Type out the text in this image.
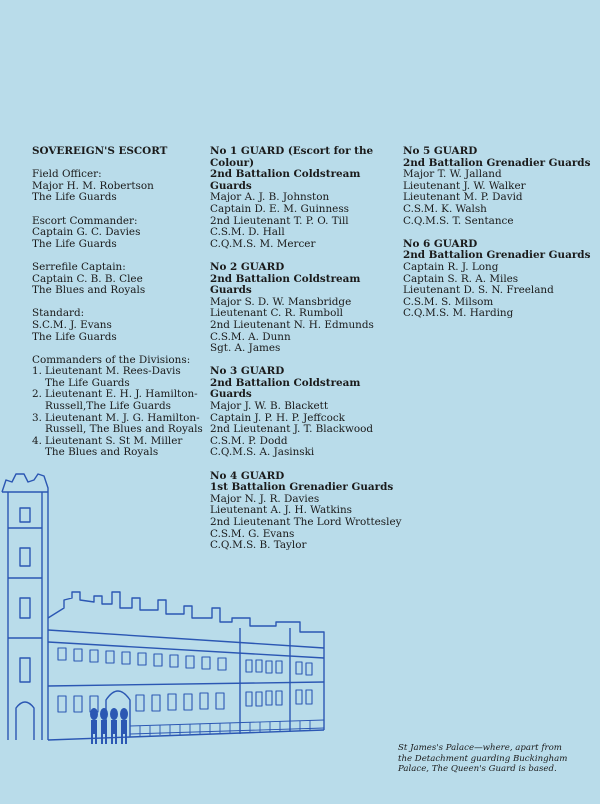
SOVEREIGN'S ESCORT
Field Officer:
Major H. M. Robertson
The Life Guards
Escort Commander:
Captain G. C. Davies
The Life Guards
Serrefile Captain:
Captain C. B. B. Clee
The Blues and Royals
Standard:
S.C.M. J. Evans
The Life Guards
Commanders of the Divisions:
1. Lieutenant M. Rees-Davis
The Life Guards
2. Lieutenant E. H. J. Hamilton-
Russell,The Life Guards
3. Lieutenant M. J. G. Hamilton-
Russell, The Blues and Royals
4. Lieutenant S. St M. Miller
The Blues and Royals
No 1 GUARD (Escort for the
Colour)
2nd Battalion Coldstream
Guards
Major A. J. B. Johnston
Captain D. E. M. Guinness
2nd Lieutenant T. P. O. Till
C.S.M. D. Hall
C.Q.M.S. M. Mercer
No 2 GUARD
2nd Battalion Coldstream
Guards
Major S. D. W. Mansbridge
Lieutenant C. R. Rumboll
2nd Lieutenant N. H. Edmunds
C.S.M. A. Dunn
Sgt. A. James
No 3 GUARD
2nd Battalion Coldstream
Guards
Major J. W. B. Blackett
Captain J. P. H. P. Jeffcock
2nd Lieutenant J. T. Blackwood
C.S.M. P. Dodd
C.Q.M.S. A. Jasinski
No 4 GUARD
1st Battalion Grenadier Guards
Major N. J. R. Davies
Lieutenant A. J. H. Watkins
2nd Lieutenant The Lord Wrottesley
C.S.M. G. Evans
C.Q.M.S. B. Taylor
No 5 GUARD
2nd Battalion Grenadier Guards
Major T. W. Jalland
Lieutenant J. W. Walker
Lieutenant M. P. David
C.S.M. K. Walsh
C.Q.M.S. T. Sentance
No 6 GUARD
2nd Battalion Grenadier Guards
Captain R. J. Long
Captain S. R. A. Miles
Lieutenant D. S. N. Freeland
C.S.M. S. Milsom
C.Q.M.S. M. Harding
St James's Palace—where, apart from
the Detachment guarding Buckingham
Palace, The Queen's Guard is based.
